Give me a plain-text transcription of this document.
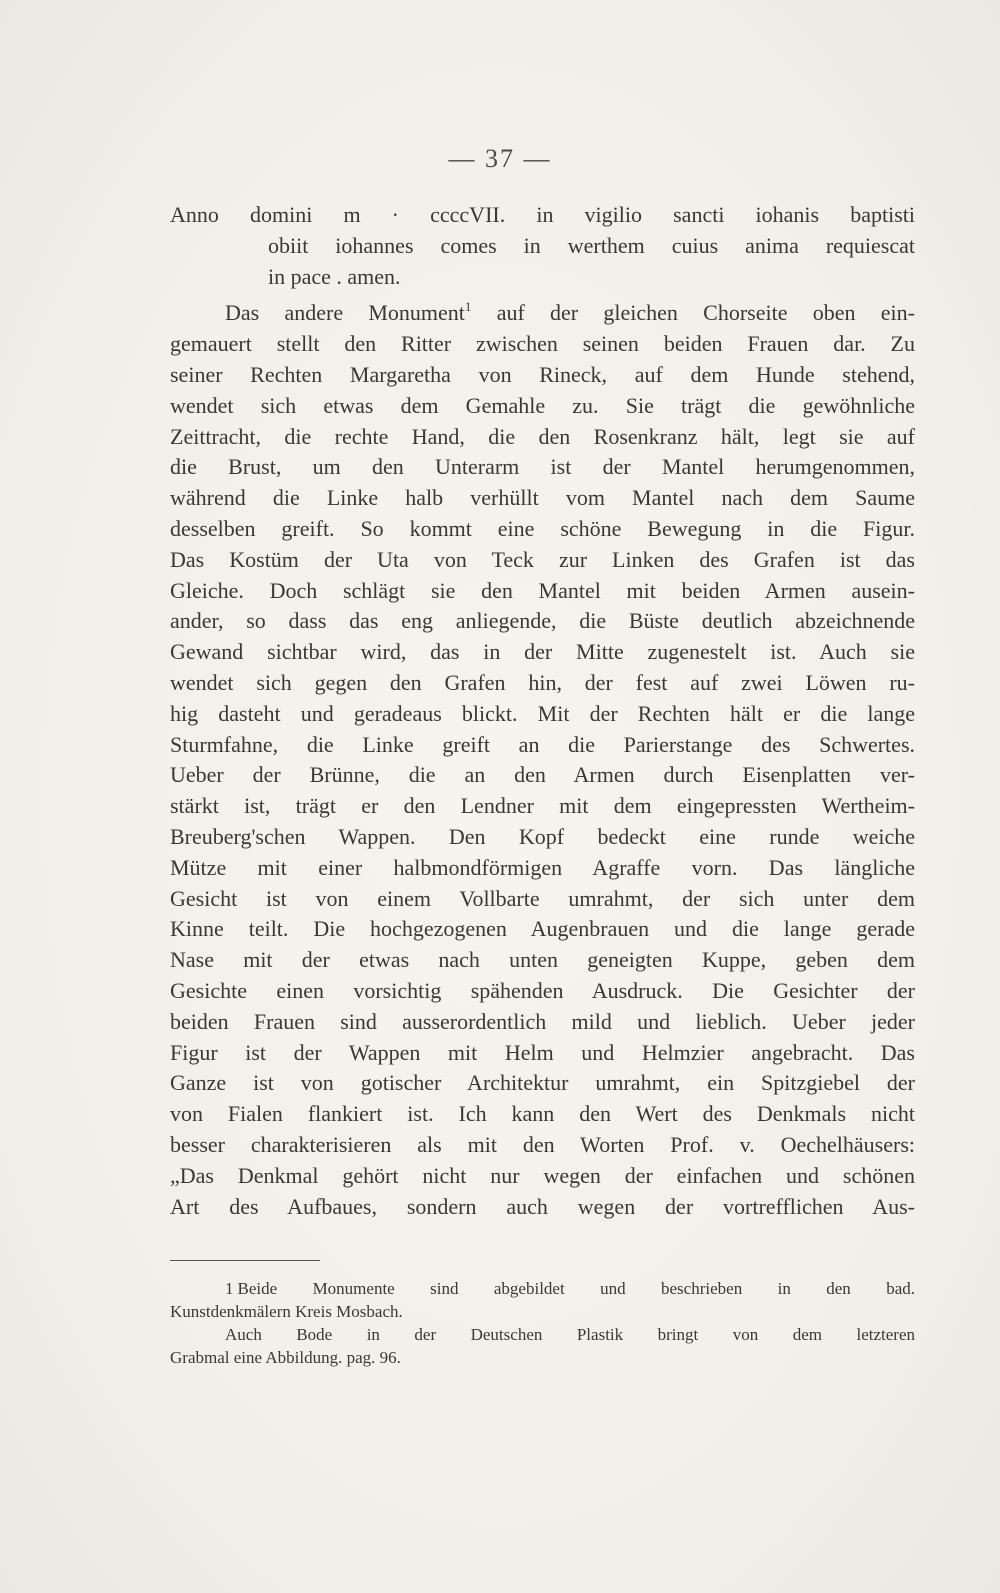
— 37 —
Anno domini m · ccccVII. in vigilio sancti iohanis baptisti
obiit iohannes comes in werthem cuius anima requiescat
in pace . amen.
Das andere Monument$^1$ auf der gleichen Chorseite oben ein-
gemauert stellt den Ritter zwischen seinen beiden Frauen dar. Zu
seiner Rechten Margaretha von Rineck, auf dem Hunde stehend,
wendet sich etwas dem Gemahle zu. Sie trägt die gewöhnliche
Zeittracht, die rechte Hand, die den Rosenkranz hält, legt sie auf
die Brust, um den Unterarm ist der Mantel herumgenommen,
während die Linke halb verhüllt vom Mantel nach dem Saume
desselben greift. So kommt eine schöne Bewegung in die Figur.
Das Kostüm der Uta von Teck zur Linken des Grafen ist das
Gleiche. Doch schlägt sie den Mantel mit beiden Armen ausein-
ander, so dass das eng anliegende, die Büste deutlich abzeichnende
Gewand sichtbar wird, das in der Mitte zugenestelt ist. Auch sie
wendet sich gegen den Grafen hin, der fest auf zwei Löwen ru-
hig dasteht und geradeaus blickt. Mit der Rechten hält er die lange
Sturmfahne, die Linke greift an die Parierstange des Schwertes.
Ueber der Brünne, die an den Armen durch Eisenplatten ver-
stärkt ist, trägt er den Lendner mit dem eingepressten Wertheim-
Breuberg'schen Wappen. Den Kopf bedeckt eine runde weiche
Mütze mit einer halbmondförmigen Agraffe vorn. Das längliche
Gesicht ist von einem Vollbarte umrahmt, der sich unter dem
Kinne teilt. Die hochgezogenen Augenbrauen und die lange gerade
Nase mit der etwas nach unten geneigten Kuppe, geben dem
Gesichte einen vorsichtig spähenden Ausdruck. Die Gesichter der
beiden Frauen sind ausserordentlich mild und lieblich. Ueber jeder
Figur ist der Wappen mit Helm und Helmzier angebracht. Das
Ganze ist von gotischer Architektur umrahmt, ein Spitzgiebel der
von Fialen flankiert ist. Ich kann den Wert des Denkmals nicht
besser charakterisieren als mit den Worten Prof. v. Oechelhäusers:
„Das Denkmal gehört nicht nur wegen der einfachen und schönen
Art des Aufbaues, sondern auch wegen der vortrefflichen Aus-
1 Beide Monumente sind abgebildet und beschrieben in den bad.
Kunstdenkmälern Kreis Mosbach.
Auch Bode in der Deutschen Plastik bringt von dem letzteren
Grabmal eine Abbildung. pag. 96.
